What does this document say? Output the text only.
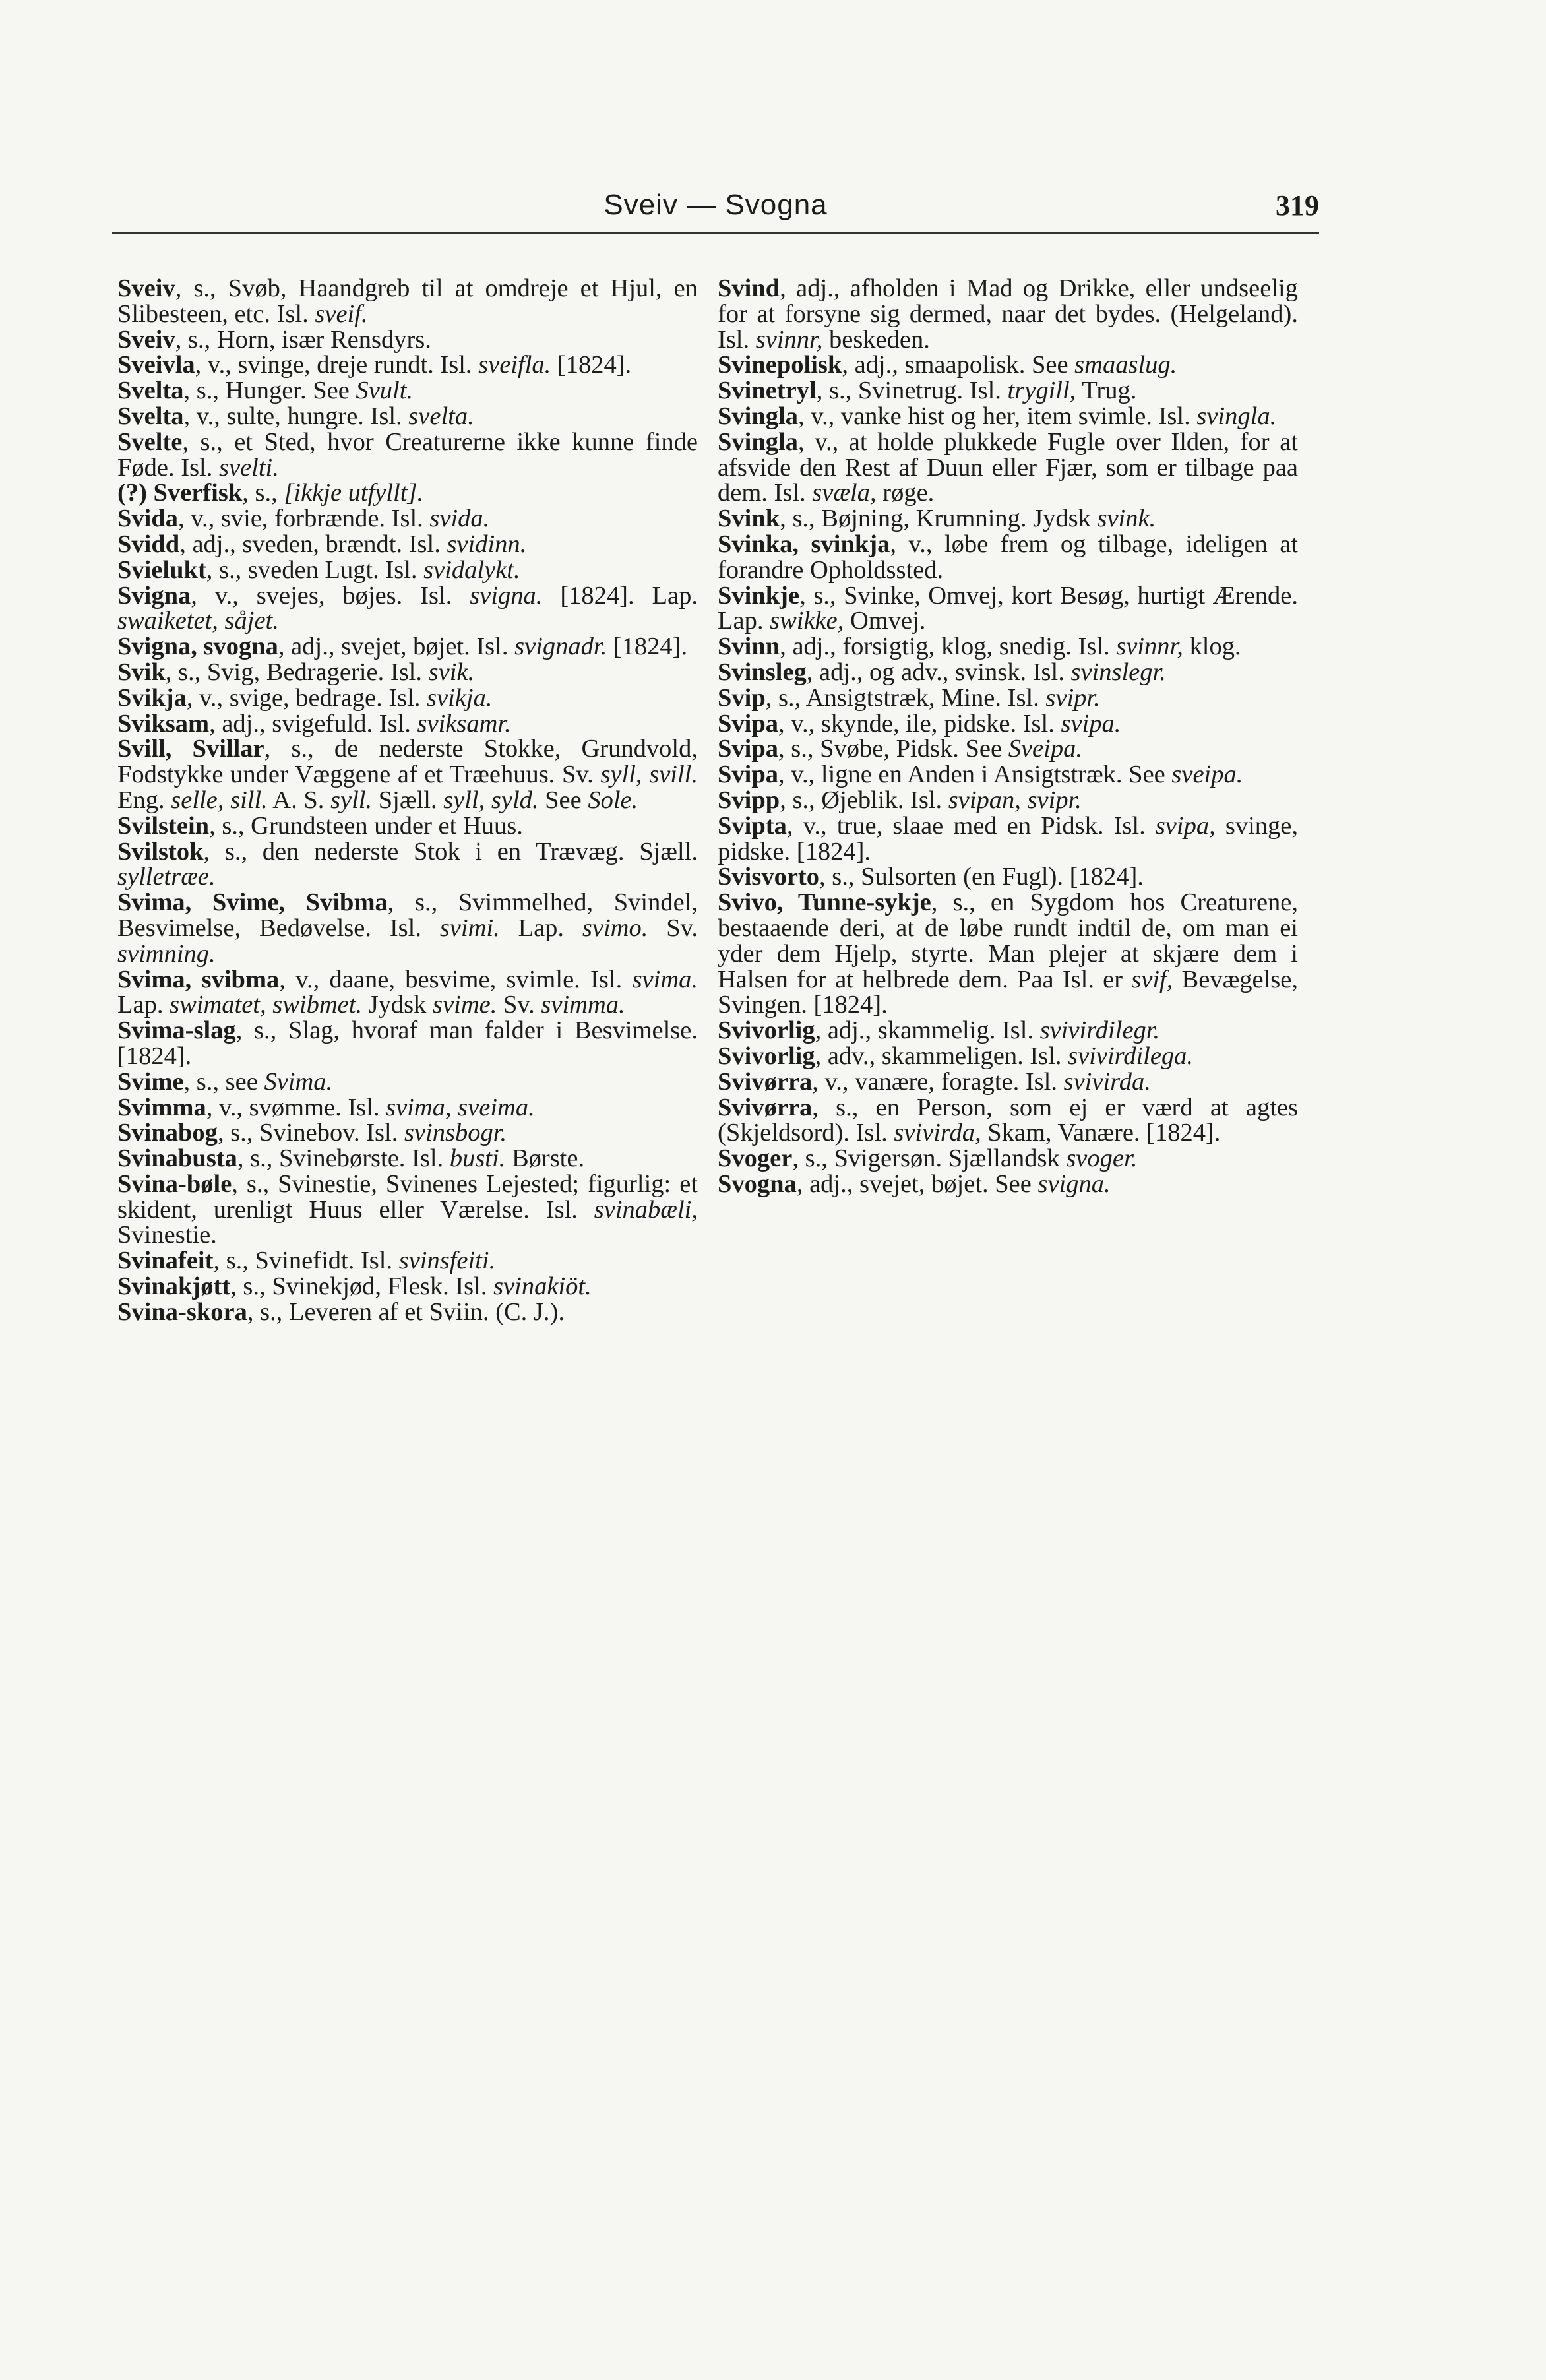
Sveiv — Svogna	319

Sveiv, s., Svøb, Haandgreb til at omdreje et Hjul, en Slibesteen, etc. Isl. sveif.

Sveiv, s., Horn, især Rensdyrs.

Sveivla, v., svinge, dreje rundt. Isl. sveifla. [1824].

Svelta, s., Hunger. See Svult.

Svelta, v., sulte, hungre. Isl. svelta.

Svelte, s., et Sted, hvor Creaturerne ikke kunne finde Føde. Isl. svelti.

(?) Sverfisk, s., [ikkje utfyllt].

Svida, v., svie, forbrænde. Isl. svida.

Svidd, adj., sveden, brændt. Isl. svidinn.

Svielukt, s., sveden Lugt. Isl. svidalykt.

Svigna, v., svejes, bøjes. Isl. svigna. [1824]. Lap. swaiketet, såjet.

Svigna, svogna, adj., svejet, bøjet. Isl. svignadr. [1824].

Svik, s., Svig, Bedragerie. Isl. svik.

Svikja, v., svige, bedrage. Isl. svikja.

Sviksam, adj., svigefuld. Isl. sviksamr.

Svill, Svillar, s., de nederste Stokke, Grundvold, Fodstykke under Væggene af et Træehuus. Sv. syll, svill. Eng. selle, sill. A. S. syll. Sjæll. syll, syld. See Sole.

Svilstein, s., Grundsteen under et Huus.

Svilstok, s., den nederste Stok i en Trævæg. Sjæll. sylletræe.

Svima, Svime, Svibma, s., Svimmelhed, Svindel, Besvimelse, Bedøvelse. Isl. svimi. Lap. svimo. Sv. svimning.

Svima, svibma, v., daane, besvime, svimle. Isl. svima. Lap. swimatet, swibmet. Jydsk svime. Sv. svimma.

Svima-slag, s., Slag, hvoraf man falder i Besvimelse. [1824].

Svime, s., see Svima.

Svimma, v., svømme. Isl. svima, sveima.

Svinabog, s., Svinebov. Isl. svinsbogr.

Svinabusta, s., Svinebørste. Isl. busti. Børste.

Svina-bøle, s., Svinestie, Svinenes Lejested; figurlig: et skident, urenligt Huus eller Værelse. Isl. svinabæli, Svinestie.

Svinafeit, s., Svinefidt. Isl. svinsfeiti.

Svinakjøtt, s., Svinekjød, Flesk. Isl. svinakiöt.

Svina-skora, s., Leveren af et Sviin. (C. J.).

Svind, adj., afholden i Mad og Drikke, eller undseelig for at forsyne sig dermed, naar det bydes. (Helgeland). Isl. svinnr, beskeden.

Svinepolisk, adj., smaapolisk. See smaaslug.

Svinetryl, s., Svinetrug. Isl. trygill, Trug.

Svingla, v., vanke hist og her, item svimle. Isl. svingla.

Svingla, v., at holde plukkede Fugle over Ilden, for at afsvide den Rest af Duun eller Fjær, som er tilbage paa dem. Isl. svæla, røge.

Svink, s., Bøjning, Krumning. Jydsk svink.

Svinka, svinkja, v., løbe frem og tilbage, ideligen at forandre Opholdssted.

Svinkje, s., Svinke, Omvej, kort Besøg, hurtigt Ærende. Lap. swikke, Omvej.

Svinn, adj., forsigtig, klog, snedig. Isl. svinnr, klog.

Svinsleg, adj., og adv., svinsk. Isl. svinslegr.

Svip, s., Ansigtstræk, Mine. Isl. svipr.

Svipa, v., skynde, ile, pidske. Isl. svipa.

Svipa, s., Svøbe, Pidsk. See Sveipa.

Svipa, v., ligne en Anden i Ansigtstræk. See sveipa.

Svipp, s., Øjeblik. Isl. svipan, svipr.

Svipta, v., true, slaae med en Pidsk. Isl. svipa, svinge, pidske. [1824].

Svisvorto, s., Sulsorten (en Fugl). [1824].

Svivo, Tunne-sykje, s., en Sygdom hos Creaturene, bestaaende deri, at de løbe rundt indtil de, om man ei yder dem Hjelp, styrte. Man plejer at skjære dem i Halsen for at helbrede dem. Paa Isl. er svif, Bevægelse, Svingen. [1824].

Svivorlig, adj., skammelig. Isl. svivirdilegr.

Svivorlig, adv., skammeligen. Isl. svivirdilega.

Svivørra, v., vanære, foragte. Isl. svivirda.

Svivørra, s., en Person, som ej er værd at agtes (Skjeldsord). Isl. svivirda, Skam, Vanære. [1824].

Svoger, s., Svigersøn. Sjællandsk svoger.

Svogna, adj., svejet, bøjet. See svigna.
